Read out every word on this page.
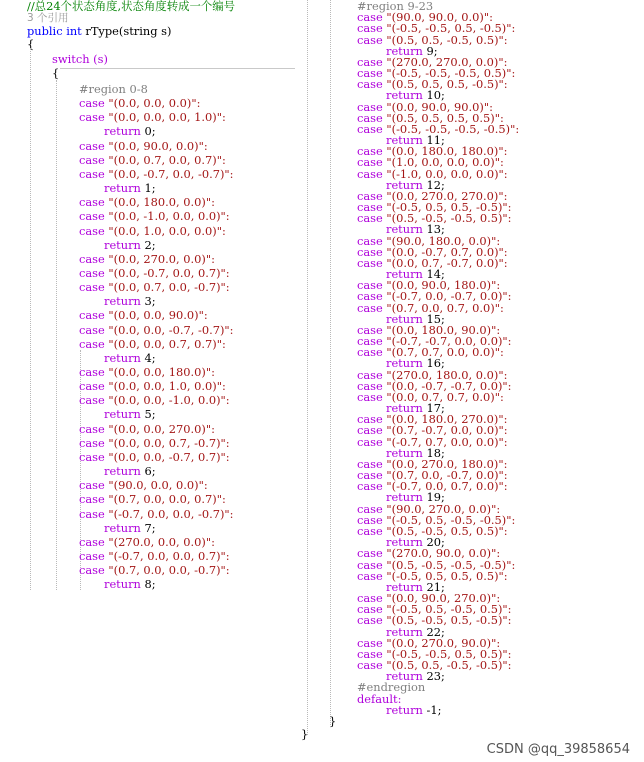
//总24个状态角度,状态角度转成一个编号
3 个引用
public int rType(string s)
{
switch (s)
{
#region 0-8
case "(0.0, 0.0, 0.0)":
case "(0.0, 0.0, 0.0, 1.0)":
return 0;
case "(0.0, 90.0, 0.0)":
case "(0.0, 0.7, 0.0, 0.7)":
case "(0.0, -0.7, 0.0, -0.7)":
return 1;
case "(0.0, 180.0, 0.0)":
case "(0.0, -1.0, 0.0, 0.0)":
case "(0.0, 1.0, 0.0, 0.0)":
return 2;
case "(0.0, 270.0, 0.0)":
case "(0.0, -0.7, 0.0, 0.7)":
case "(0.0, 0.7, 0.0, -0.7)":
return 3;
case "(0.0, 0.0, 90.0)":
case "(0.0, 0.0, -0.7, -0.7)":
case "(0.0, 0.0, 0.7, 0.7)":
return 4;
case "(0.0, 0.0, 180.0)":
case "(0.0, 0.0, 1.0, 0.0)":
case "(0.0, 0.0, -1.0, 0.0)":
return 5;
case "(0.0, 0.0, 270.0)":
case "(0.0, 0.0, 0.7, -0.7)":
case "(0.0, 0.0, -0.7, 0.7)":
return 6;
case "(90.0, 0.0, 0.0)":
case "(0.7, 0.0, 0.0, 0.7)":
case "(-0.7, 0.0, 0.0, -0.7)":
return 7;
case "(270.0, 0.0, 0.0)":
case "(-0.7, 0.0, 0.0, 0.7)":
case "(0.7, 0.0, 0.0, -0.7)":
return 8;
#region 9-23
case "(90.0, 90.0, 0.0)":
case "(-0.5, -0.5, 0.5, -0.5)":
case "(0.5, 0.5, -0.5, 0.5)":
return 9;
case "(270.0, 270.0, 0.0)":
case "(-0.5, -0.5, -0.5, 0.5)":
case "(0.5, 0.5, 0.5, -0.5)":
return 10;
case "(0.0, 90.0, 90.0)":
case "(0.5, 0.5, 0.5, 0.5)":
case "(-0.5, -0.5, -0.5, -0.5)":
return 11;
case "(0.0, 180.0, 180.0)":
case "(1.0, 0.0, 0.0, 0.0)":
case "(-1.0, 0.0, 0.0, 0.0)":
return 12;
case "(0.0, 270.0, 270.0)":
case "(-0.5, 0.5, 0.5, -0.5)":
case "(0.5, -0.5, -0.5, 0.5)":
return 13;
case "(90.0, 180.0, 0.0)":
case "(0.0, -0.7, 0.7, 0.0)":
case "(0.0, 0.7, -0.7, 0.0)":
return 14;
case "(0.0, 90.0, 180.0)":
case "(-0.7, 0.0, -0.7, 0.0)":
case "(0.7, 0.0, 0.7, 0.0)":
return 15;
case "(0.0, 180.0, 90.0)":
case "(-0.7, -0.7, 0.0, 0.0)":
case "(0.7, 0.7, 0.0, 0.0)":
return 16;
case "(270.0, 180.0, 0.0)":
case "(0.0, -0.7, -0.7, 0.0)":
case "(0.0, 0.7, 0.7, 0.0)":
return 17;
case "(0.0, 180.0, 270.0)":
case "(0.7, -0.7, 0.0, 0.0)":
case "(-0.7, 0.7, 0.0, 0.0)":
return 18;
case "(0.0, 270.0, 180.0)":
case "(0.7, 0.0, -0.7, 0.0)":
case "(-0.7, 0.0, 0.7, 0.0)":
return 19;
case "(90.0, 270.0, 0.0)":
case "(-0.5, 0.5, -0.5, -0.5)":
case "(0.5, -0.5, 0.5, 0.5)":
return 20;
case "(270.0, 90.0, 0.0)":
case "(0.5, -0.5, -0.5, -0.5)":
case "(-0.5, 0.5, 0.5, 0.5)":
return 21;
case "(0.0, 90.0, 270.0)":
case "(-0.5, 0.5, -0.5, 0.5)":
case "(0.5, -0.5, 0.5, -0.5)":
return 22;
case "(0.0, 270.0, 90.0)":
case "(-0.5, -0.5, 0.5, 0.5)":
case "(0.5, 0.5, -0.5, -0.5)":
return 23;
#endregion
default:
return -1;
}
}
CSDN @qq_39858654
